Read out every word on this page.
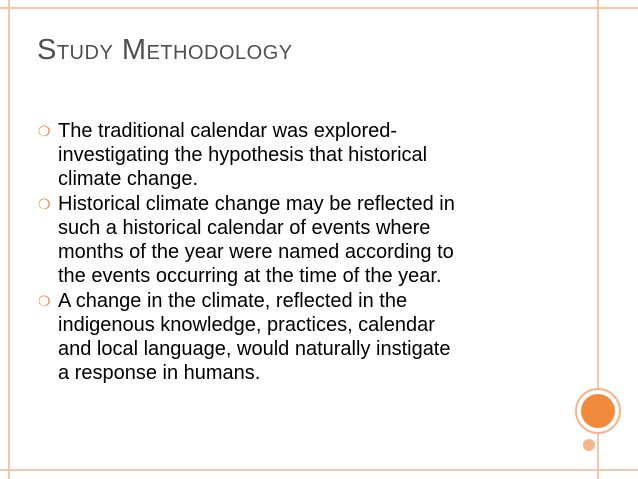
Study Methodology
❍ The traditional calendar was explored-
investigating the hypothesis that historical
climate change.
❍ Historical climate change may be reflected in
such a historical calendar of events where
months of the year were named according to
the events occurring at the time of the year.
❍ A change in the climate, reflected in the
indigenous knowledge, practices, calendar
and local language, would naturally instigate
a response in humans.
